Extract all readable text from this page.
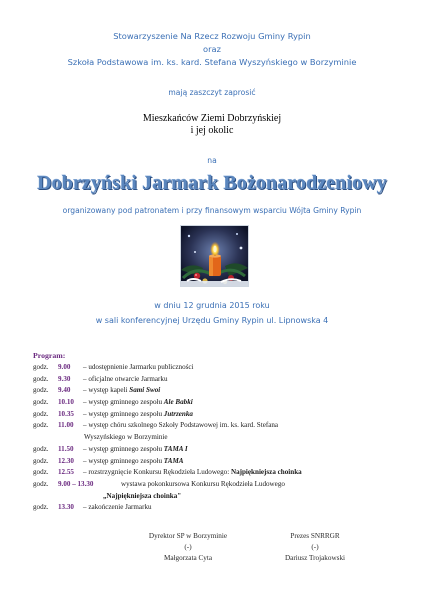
Stowarzyszenie Na Rzecz Rozwoju Gminy Rypin
oraz
Szkoła Podstawowa im. ks. kard. Stefana Wyszyńskiego w Borzyminie
mają zaszczyt zaprosić
Mieszkańców Ziemi Dobrzyńskiej
i jej okolic
na
Dobrzyński Jarmark Bożonarodzeniowy
organizowany pod patronatem i przy finansowym wsparciu Wójta Gminy Rypin
w dniu 12 grudnia 2015 roku
w sali konferencyjnej Urzędu Gminy Rypin ul. Lipnowska 4
Program:
godz. 9.00 – udostępnienie Jarmarku publiczności
godz. 9.30 – oficjalne otwarcie Jarmarku
godz. 9.40 – występ kapeli Sami Swoi
godz. 10.10 – występ gminnego zespołu Ale Babki
godz. 10.35 – występ gminnego zespołu Jutrzenka
godz. 11.00 – występ chóru szkolnego Szkoły Podstawowej im. ks. kard. Stefana
Wyszyńskiego w Borzyminie
godz. 11.50 – występ gminnego zespołu TAMA I
godz. 12.30 – występ gminnego zespołu TAMA
godz. 12.55 – rozstrzygnięcie Konkursu Rękodzieła Ludowego: Najpiękniejsza choinka
godz. 9.00 – 13.30	wystawa pokonkursowa Konkursu Rękodzieła Ludowego
„Najpiękniejsza choinka"
godz. 13.30 – zakończenie Jarmarku
Dyrektor SP w Borzyminie
(-)
Małgorzata Cyta
Prezes SNRRGR
(-)
Dariusz Trojakowski
